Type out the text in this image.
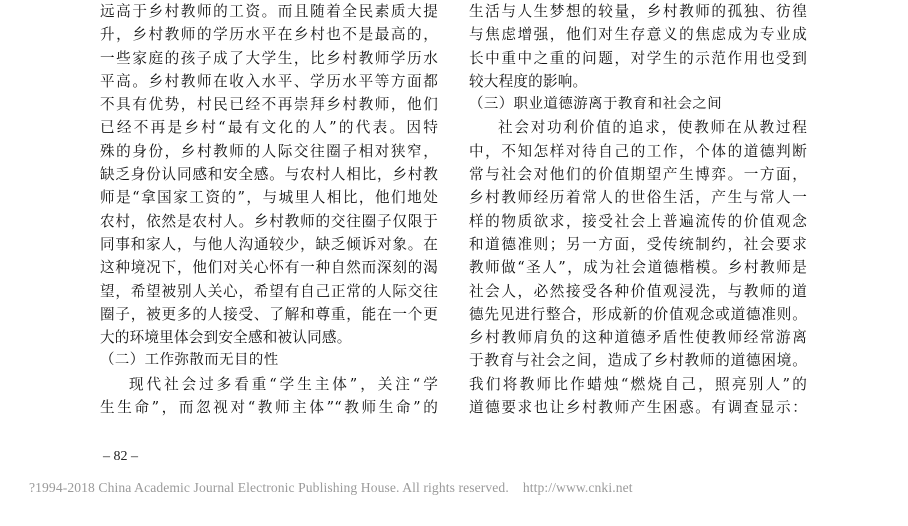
远高于乡村教师的工资。而且随着全民素质大提
升，乡村教师的学历水平在乡村也不是最高的，
一些家庭的孩子成了大学生，比乡村教师学历水
平高。乡村教师在收入水平、学历水平等方面都
不具有优势，村民已经不再崇拜乡村教师，他们
已经不再是乡村“最有文化的人”的代表。因特
殊的身份，乡村教师的人际交往圈子相对狭窄，
缺乏身份认同感和安全感。与农村人相比，乡村教
师是“拿国家工资的”，与城里人相比，他们地处
农村，依然是农村人。乡村教师的交往圈子仅限于
同事和家人，与他人沟通较少，缺乏倾诉对象。在
这种境况下，他们对关心怀有一种自然而深刻的渴
望，希望被别人关心，希望有自己正常的人际交往
圈子，被更多的人接受、了解和尊重，能在一个更
大的环境里体会到安全感和被认同感。
（二）工作弥散而无目的性
现代社会过多看重“学生主体”，关注“学
生生命”，而忽视对“教师主体”“教师生命”的
生活与人生梦想的较量，乡村教师的孤独、彷徨
与焦虑增强，他们对生存意义的焦虑成为专业成
长中重中之重的问题，对学生的示范作用也受到
较大程度的影响。
（三）职业道德游离于教育和社会之间
社会对功利价值的追求，使教师在从教过程
中，不知怎样对待自己的工作，个体的道德判断
常与社会对他们的价值期望产生博弈。一方面，
乡村教师经历着常人的世俗生活，产生与常人一
样的物质欲求，接受社会上普遍流传的价值观念
和道德准则；另一方面，受传统制约，社会要求
教师做“圣人”，成为社会道德楷模。乡村教师是
社会人，必然接受各种价值观浸洗，与教师的道
德先见进行整合，形成新的价值观念或道德准则。
乡村教师肩负的这种道德矛盾性使教师经常游离
于教育与社会之间，造成了乡村教师的道德困境。
我们将教师比作蜡烛“燃烧自己，照亮别人”的
道德要求也让乡村教师产生困惑。有调查显示：
– 82 –
?1994-2018 China Academic Journal Electronic Publishing House. All rights reserved. http://www.cnki.net
